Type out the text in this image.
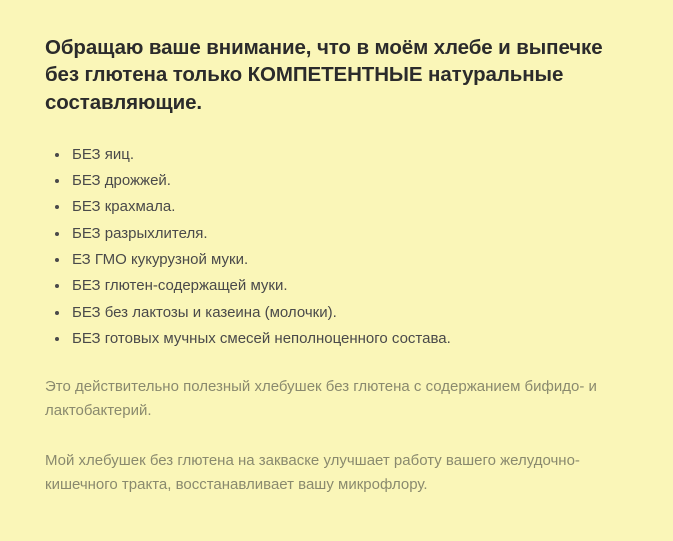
Обращаю ваше внимание, что в моём хлебе и выпечке без глютена только КОМПЕТЕНТНЫЕ натуральные составляющие.
БЕЗ яиц.
БЕЗ дрожжей.
БЕЗ крахмала.
БЕЗ разрыхлителя.
ЕЗ ГМО кукурузной муки.
БЕЗ глютен-содержащей муки.
БЕЗ без лактозы и казеина (молочки).
БЕЗ готовых мучных смесей неполноценного состава.

Это действительно полезный хлебушек без глютена с содержанием бифидо- и лактобактерий.

Мой хлебушек без глютена на закваске улучшает работу вашего желудочно-кишечного тракта, восстанавливает вашу микрофлору.
